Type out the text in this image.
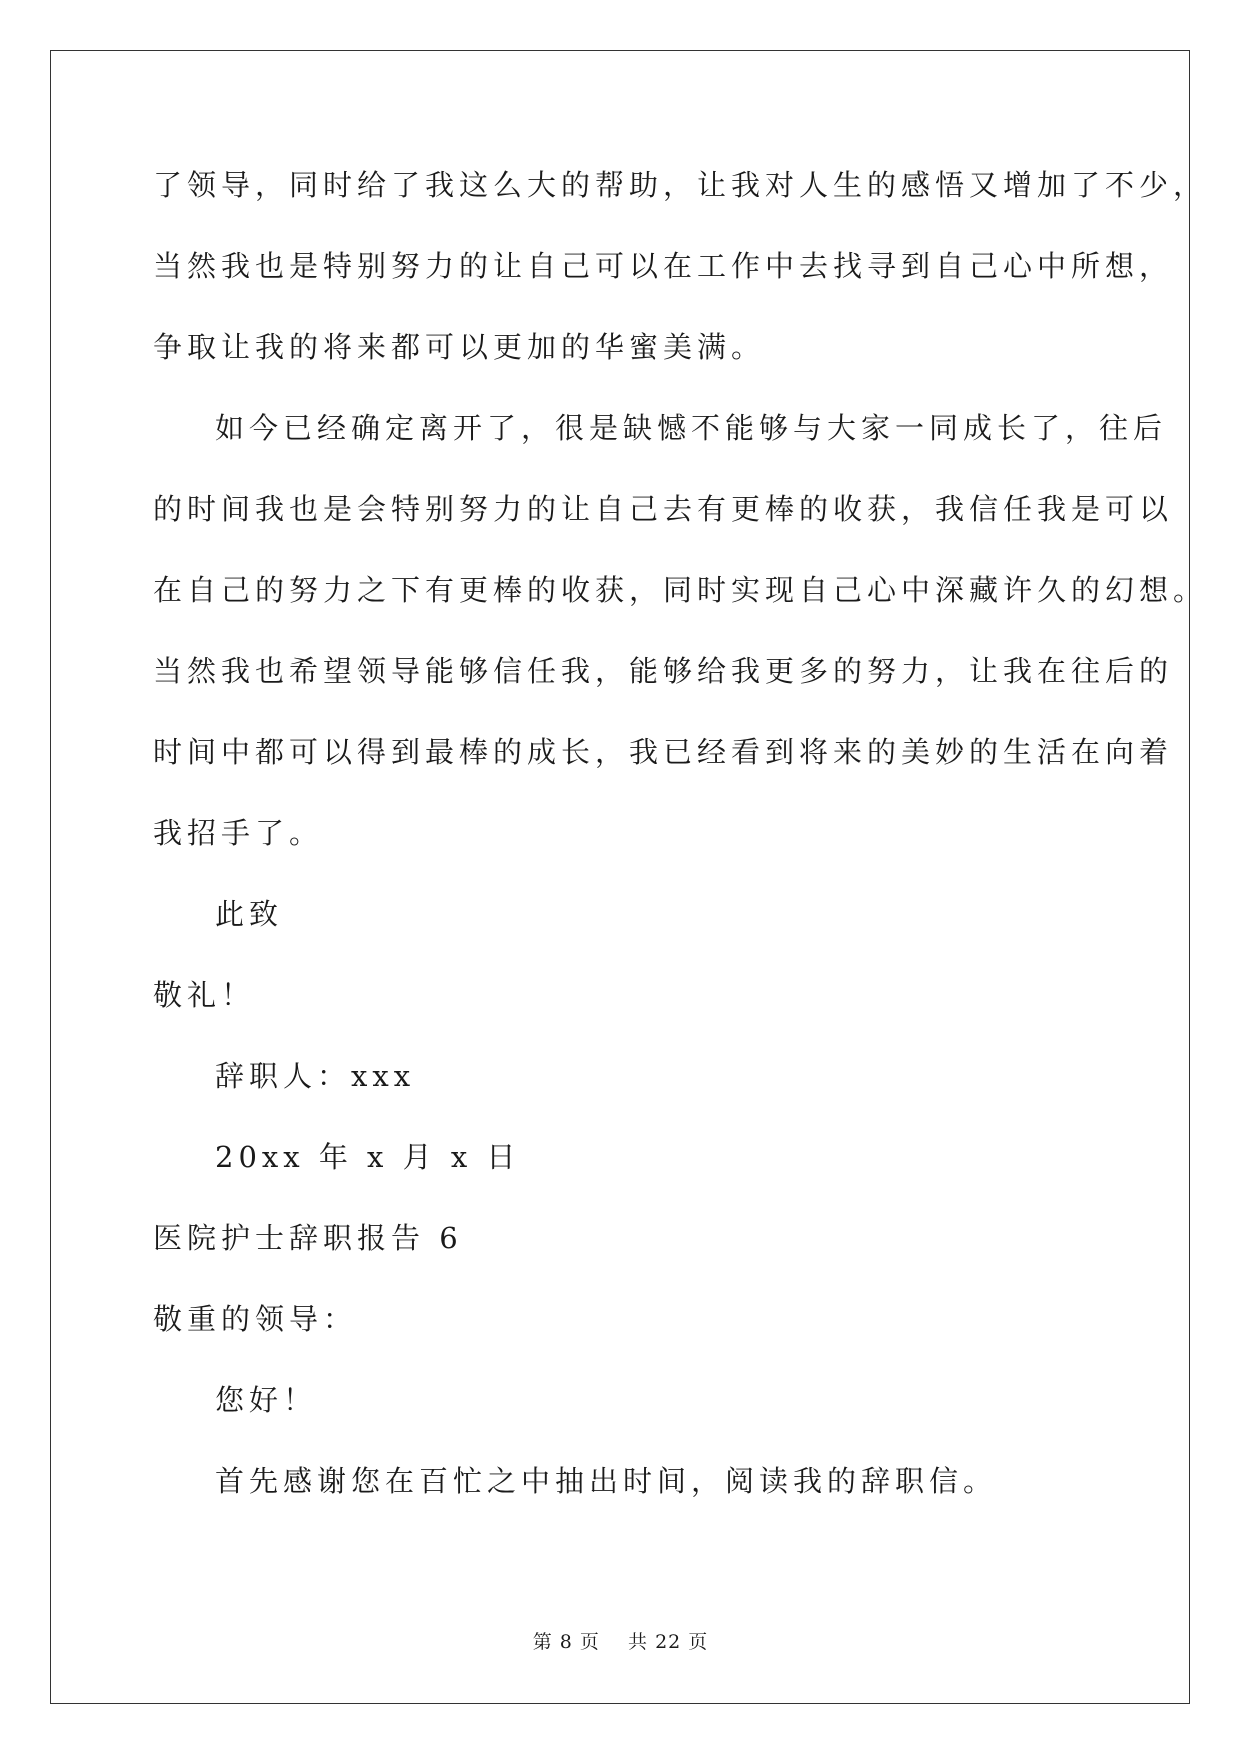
了领导，同时给了我这么大的帮助，让我对人生的感悟又增加了不少，
当然我也是特别努力的让自己可以在工作中去找寻到自己心中所想，
争取让我的将来都可以更加的华蜜美满。
如今已经确定离开了，很是缺憾不能够与大家一同成长了，往后
的时间我也是会特别努力的让自己去有更棒的收获，我信任我是可以
在自己的努力之下有更棒的收获，同时实现自己心中深藏许久的幻想。
当然我也希望领导能够信任我，能够给我更多的努力，让我在往后的
时间中都可以得到最棒的成长，我已经看到将来的美妙的生活在向着
我招手了。
此致
敬礼！
辞职人：xxx
20xx 年 x 月 x 日
医院护士辞职报告 6
敬重的领导：
您好！
首先感谢您在百忙之中抽出时间，阅读我的辞职信。
第 8 页    共 22 页
